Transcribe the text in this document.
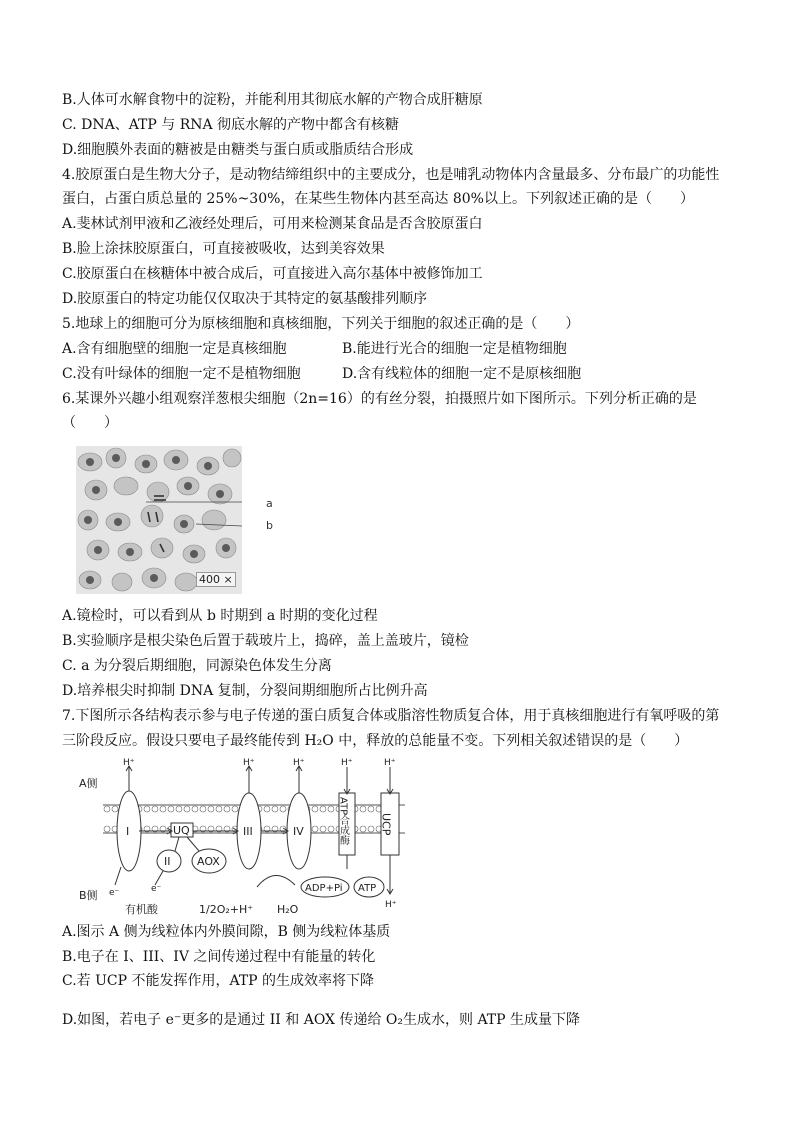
B.人体可水解食物中的淀粉，并能利用其彻底水解的产物合成肝糖原
C. DNA、ATP 与 RNA 彻底水解的产物中都含有核糖
D.细胞膜外表面的糖被是由糖类与蛋白质或脂质结合形成
4.胶原蛋白是生物大分子，是动物结缔组织中的主要成分，也是哺乳动物体内含量最多、分布最广的功能性
蛋白，占蛋白质总量的 25%~30%，在某些生物体内甚至高达 80%以上。下列叙述正确的是（　　）
A.斐林试剂甲液和乙液经处理后，可用来检测某食品是否含胶原蛋白
B.脸上涂抹胶原蛋白，可直接被吸收，达到美容效果
C.胶原蛋白在核糖体中被合成后，可直接进入高尔基体中被修饰加工
D.胶原蛋白的特定功能仅仅取决于其特定的氨基酸排列顺序
5.地球上的细胞可分为原核细胞和真核细胞，下列关于细胞的叙述正确的是（　　）
A.含有细胞壁的细胞一定是真核细胞	B.能进行光合的细胞一定是植物细胞
C.没有叶绿体的细胞一定不是植物细胞	D.含有线粒体的细胞一定不是原核细胞
6.某课外兴趣小组观察洋葱根尖细胞（2n=16）的有丝分裂，拍摄照片如下图所示。下列分析正确的是
（　　）
a
b
400 ×
A.镜检时，可以看到从 b 时期到 a 时期的变化过程
B.实验顺序是根尖染色后置于载玻片上，捣碎，盖上盖玻片，镜检
C. a 为分裂后期细胞，同源染色体发生分离
D.培养根尖时抑制 DNA 复制，分裂间期细胞所占比例升高
7.下图所示各结构表示参与电子传递的蛋白质复合体或脂溶性物质复合体，用于真核细胞进行有氧呼吸的第
三阶段反应。假设只要电子最终能传到 H₂O 中，释放的总能量不变。下列相关叙述错误的是（　　）
A侧
B侧
I	UQ
II AOX
III	IV	ATP合成酶	UCP
H⁺	H⁺	H⁺	H⁺	H⁺
H⁺
ADP+Pi ATP
e⁻	e⁻
有机酸	1/2O₂+H⁺ H₂O
A.图示 A 侧为线粒体内外膜间隙，B 侧为线粒体基质
B.电子在 I、III、IV 之间传递过程中有能量的转化
C.若 UCP 不能发挥作用，ATP 的生成效率将下降
D.如图，若电子 e⁻更多的是通过 II 和 AOX 传递给 O₂生成水，则 ATP 生成量下降
